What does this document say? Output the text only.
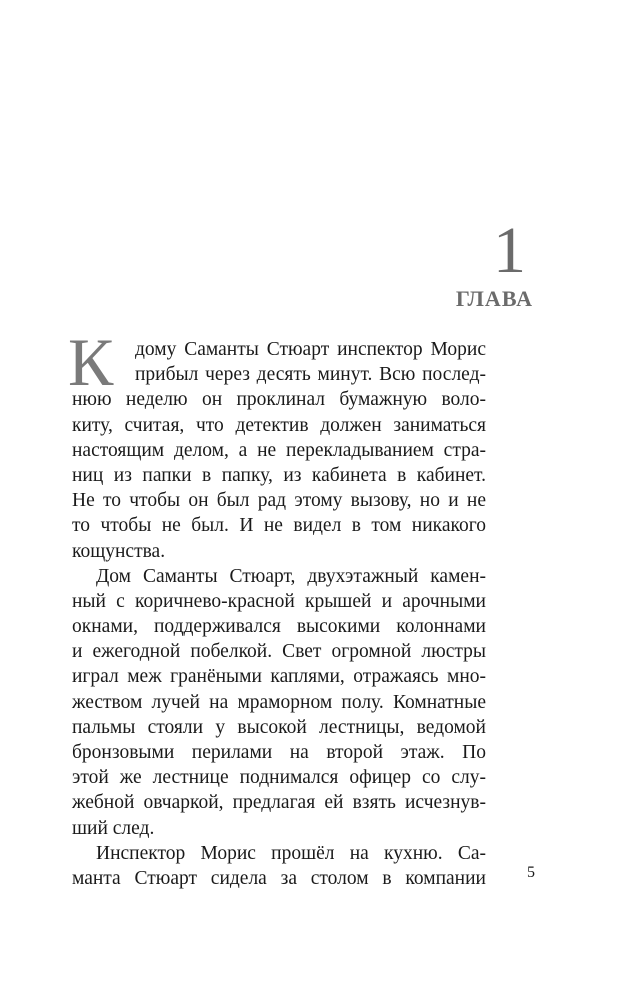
1
ГЛАВА
К	дому Саманты Стюарт инспектор Морис
прибыл через десять минут. Всю послед-
нюю неделю он проклинал бумажную воло-
киту, считая, что детектив должен заниматься
настоящим делом, а не перекладыванием стра-
ниц из папки в папку, из кабинета в кабинет.
Не то чтобы он был рад этому вызову, но и не
то чтобы не был. И не видел в том никакого
кощунства.
Дом Саманты Стюарт, двухэтажный камен-
ный с коричнево-красной крышей и арочными
окнами, поддерживался высокими колоннами
и ежегодной побелкой. Свет огромной люстры
играл меж гранёными каплями, отражаясь мно-
жеством лучей на мраморном полу. Комнатные
пальмы стояли у высокой лестницы, ведомой
бронзовыми перилами на второй этаж. По
этой же лестнице поднимался офицер со слу-
жебной овчаркой, предлагая ей взять исчезнув-
ший след.
Инспектор Морис прошёл на кухню. Са-
манта Стюарт сидела за столом в компании	5
